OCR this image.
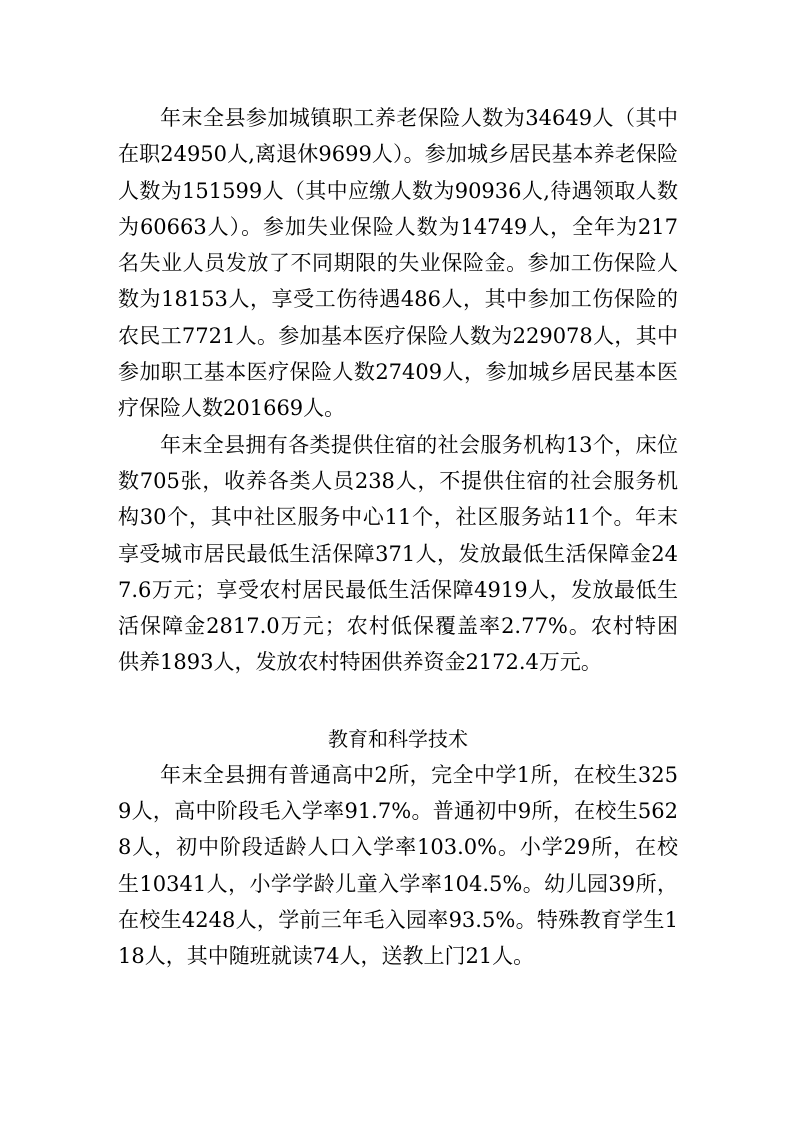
年末全县参加城镇职工养老保险人数为34649人（其中在职24950人,离退休9699人）。参加城乡居民基本养老保险人数为151599人（其中应缴人数为90936人,待遇领取人数为60663人）。参加失业保险人数为14749人，全年为217名失业人员发放了不同期限的失业保险金。参加工伤保险人数为18153人，享受工伤待遇486人，其中参加工伤保险的农民工7721人。参加基本医疗保险人数为229078人，其中参加职工基本医疗保险人数27409人，参加城乡居民基本医疗保险人数201669人。

年末全县拥有各类提供住宿的社会服务机构13个，床位数705张，收养各类人员238人，不提供住宿的社会服务机构30个，其中社区服务中心11个，社区服务站11个。年末享受城市居民最低生活保障371人，发放最低生活保障金247.6万元；享受农村居民最低生活保障4919人，发放最低生活保障金2817.0万元；农村低保覆盖率2.77%。农村特困供养1893人，发放农村特困供养资金2172.4万元。

教育和科学技术

年末全县拥有普通高中2所，完全中学1所，在校生3259人，高中阶段毛入学率91.7%。普通初中9所，在校生5628人，初中阶段适龄人口入学率103.0%。小学29所，在校生10341人，小学学龄儿童入学率104.5%。幼儿园39所，在校生4248人，学前三年毛入园率93.5%。特殊教育学生118人，其中随班就读74人，送教上门21人。
